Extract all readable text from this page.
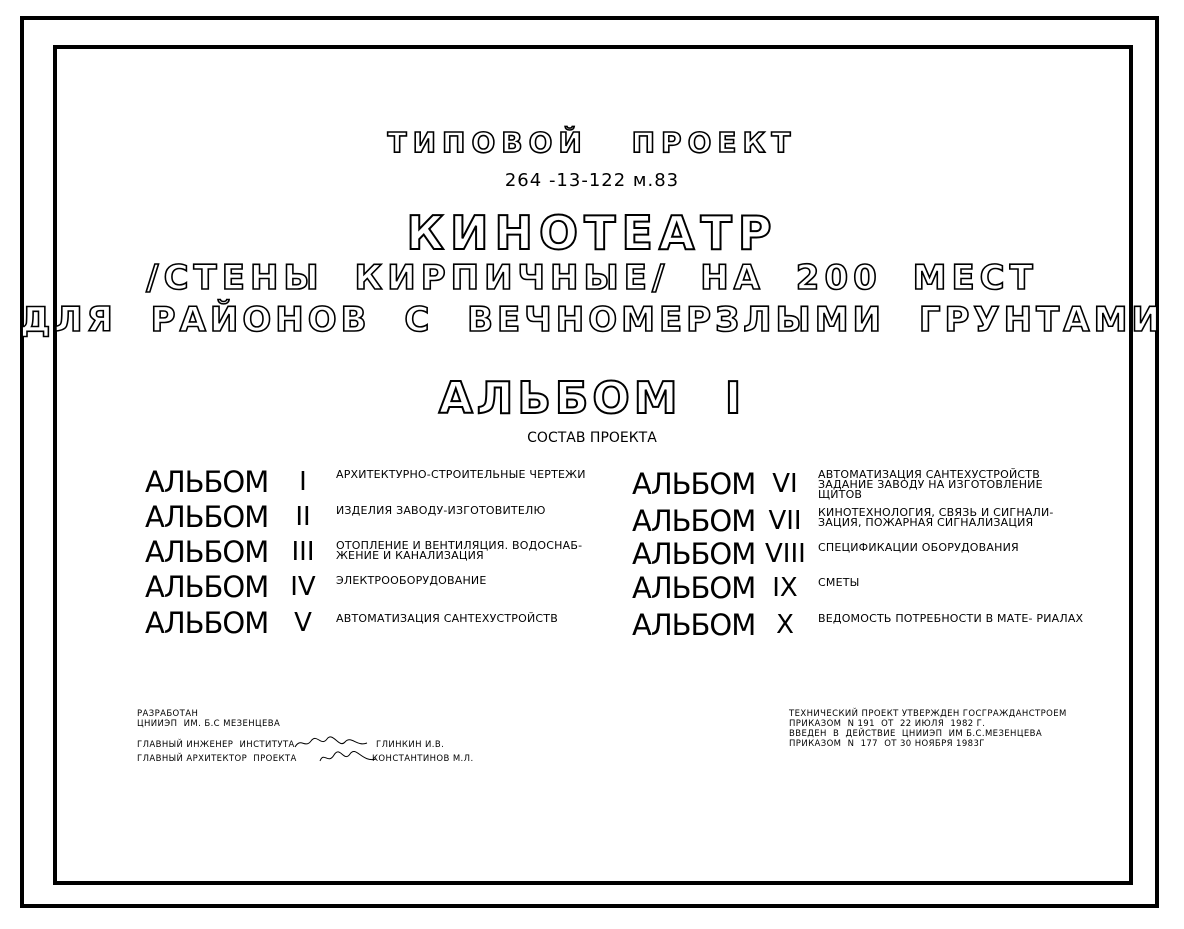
ТИПОВОЙ ПРОЕКТ
264 -13-122 м.83
КИНОТЕАТР
/СТЕНЫ КИРПИЧНЫЕ/ НА 200 МЕСТ
ДЛЯ РАЙОНОВ С ВЕЧНОМЕРЗЛЫМИ ГРУНТАМИ
АЛЬБОМ I
СОСТАВ ПРОЕКТА
АЛЬБОМ	I	АРХИТЕКТУРНО-СТРОИТЕЛЬНЫЕ ЧЕРТЕЖИ
АЛЬБОМ	II	ИЗДЕЛИЯ ЗАВОДУ-ИЗГОТОВИТЕЛЮ
АЛЬБОМ III	ОТОПЛЕНИЕ И ВЕНТИЛЯЦИЯ. ВОДОСНАБ- ЖЕНИЕ И КАНАЛИЗАЦИЯ
АЛЬБОМ IV	ЭЛЕКТРООБОРУДОВАНИЕ
АЛЬБОМ V	АВТОМАТИЗАЦИЯ САНТЕХУСТРОЙСТВ
АЛЬБОМ VI	АВТОМАТИЗАЦИЯ САНТЕХУСТРОЙСТВ ЗАДАНИЕ ЗАВОДУ НА ИЗГОТОВЛЕНИЕ ЩИТОВ
АЛЬБОМ VII	КИНОТЕХНОЛОГИЯ, СВЯЗЬ И СИГНАЛИ- ЗАЦИЯ, ПОЖАРНАЯ СИГНАЛИЗАЦИЯ
АЛЬБОМ VIII СПЕЦИФИКАЦИИ ОБОРУДОВАНИЯ
АЛЬБОМ IX	СМЕТЫ
АЛЬБОМ X	ВЕДОМОСТЬ ПОТРЕБНОСТИ В МАТЕ- РИАЛАХ
РАЗРАБОТАН
ЦНИИЭП  ИМ. Б.С МЕЗЕНЦЕВА
ГЛАВНЫЙ ИНЖЕНЕР  ИНСТИТУТА	ГЛИНКИН И.В.
ГЛАВНЫЙ АРХИТЕКТОР  ПРОЕКТА	КОНСТАНТИНОВ М.Л.
ТЕХНИЧЕСКИЙ ПРОЕКТ УТВЕРЖДЕН ГОСГРАЖДАНСТРОЕМ
ПРИКАЗОМ  N 191  ОТ  22 ИЮЛЯ  1982 Г.
ВВЕДЕН  В  ДЕЙСТВИЕ  ЦНИИЭП  ИМ Б.С.МЕЗЕНЦЕВА
ПРИКАЗОМ  N  177  ОТ 30 НОЯБРЯ 1983Г
